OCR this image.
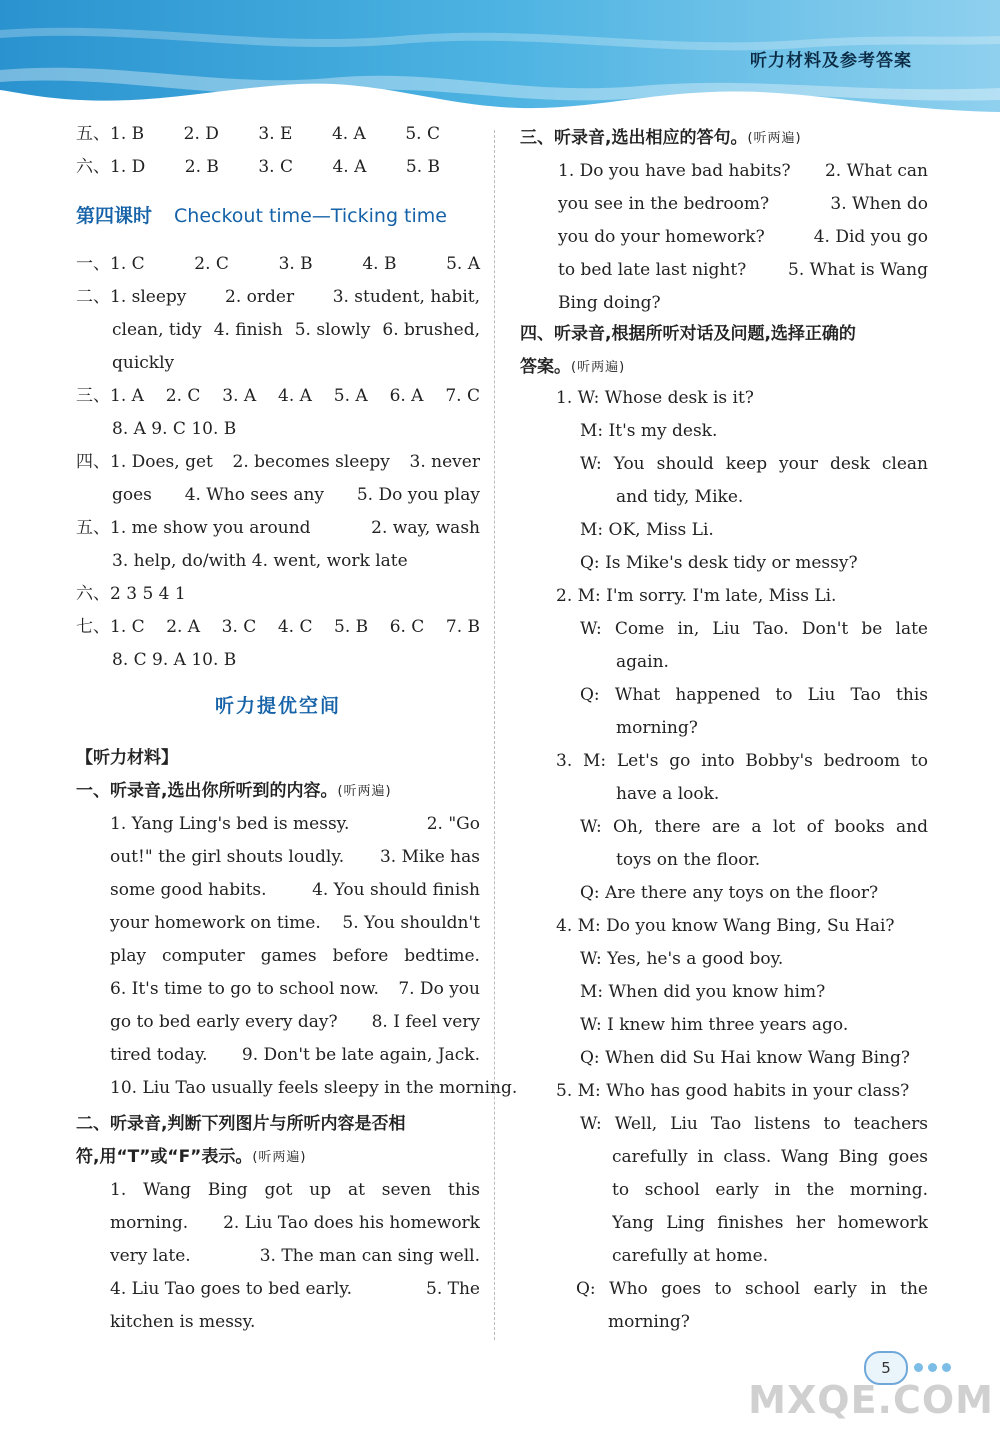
听力材料及参考答案
五、1. B 2. D 3. E 4. A 5. C
六、1. D 2. B 3. C 4. A 5. B
第四课时 Checkout time—Ticking time
听力提优空间
【听力材料】
一、听录音,选出你所听到的内容。 (听两遍)
二、听录音,判断下列图片与所听内容是否相
符,用“T”或“F”表示。 (听两遍)
一、1. C	2. C	3. B	4. B	5. A
二、1. sleepy 2. order 3. student, habit,
clean, tidy 4. finish 5. slowly 6. brushed,
quickly
三、1. A 2. C 3. A 4. A 5. A 6. A 7. C
8. A 9. C 10. B
四、1. Does, get 2. becomes sleepy 3. never
goes 4. Who sees any 5. Do you play
五、1. me show you around	2. way, wash
3. help, do/with 4. went, work late
六、2 3 5 4 1
七、1. C 2. A 3. C 4. C 5. B 6. C 7. B
8. C 9. A 10. B
1. Yang Ling's bed is messy.	2. "Go
out!" the girl shouts loudly. 3. Mike has
some good habits.	4. You should finish
your homework on time. 5. You shouldn't
play computer games before bedtime.
6. It's time to go to school now. 7. Do you
go to bed early every day? 8. I feel very
tired today. 9. Don't be late again, Jack.
10. Liu Tao usually feels sleepy in the morning.
1. Wang Bing got up at seven this
morning. 2. Liu Tao does his homework
very late.	3. The man can sing well.
4. Liu Tao goes to bed early.	5. The
kitchen is messy.
三、听录音,选出相应的答句。 (听两遍)
四、听录音,根据所听对话及问题,选择正确的
答案。 (听两遍)
1. Do you have bad habits? 2. What can
you see in the bedroom?	3. When do
you do your homework?	4. Did you go
to bed late last night? 5. What is Wang
Bing doing?
1. W: Whose desk is it?
M: It's my desk.
W: You should keep your desk clean
and tidy, Mike.
M: OK, Miss Li.
Q: Is Mike's desk tidy or messy?
2. M: I'm sorry. I'm late, Miss Li.
W: Come in, Liu Tao. Don't be late
again.
Q: What happened to Liu Tao this
morning?
3. M: Let's go into Bobby's bedroom to
have a look.
W: Oh, there are a lot of books and
toys on the floor.
Q: Are there any toys on the floor?
4. M: Do you know Wang Bing, Su Hai?
W: Yes, he's a good boy.
M: When did you know him?
W: I knew him three years ago.
Q: When did Su Hai know Wang Bing?
5. M: Who has good habits in your class?
W: Well, Liu Tao listens to teachers
carefully in class. Wang Bing goes
to school early in the morning.
Yang Ling finishes her homework
carefully at home.
Q: Who goes to school early in the
morning?
5
MXQE.COM
